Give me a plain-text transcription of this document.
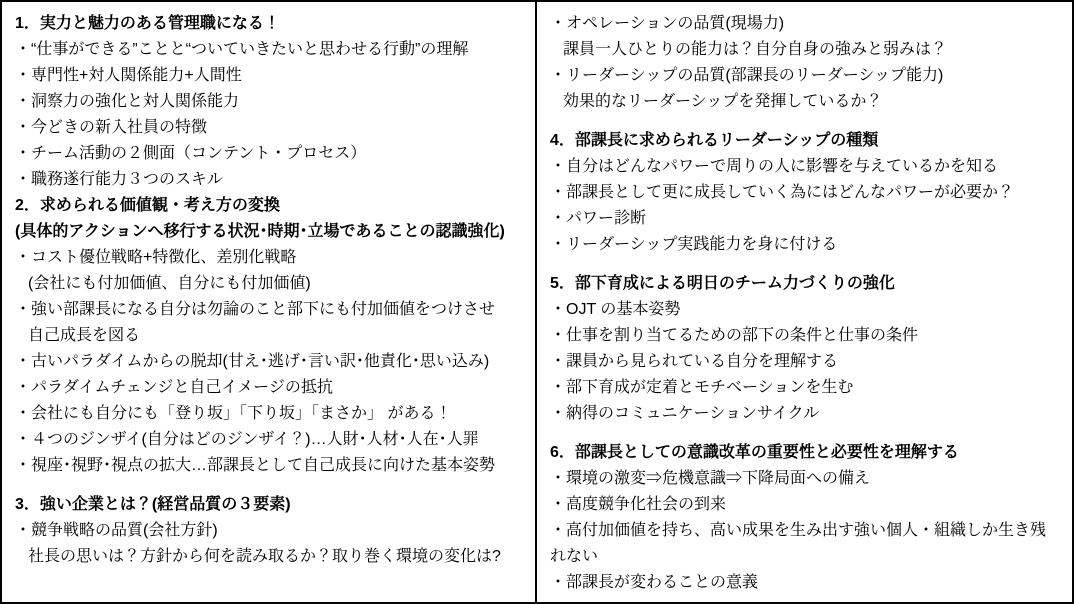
1．実力と魅力のある管理職になる！
・“仕事ができる”ことと“ついていきたいと思わせる行動”の理解
・専門性+対人関係能力+人間性
・洞察力の強化と対人関係能力
・今どきの新入社員の特徴
・チーム活動の２側面（コンテント・プロセス）
・職務遂行能力３つのスキル
2．求められる価値観・考え方の変換
(具体的アクションへ移行する状況･時期･立場であることの認識強化)
・コスト優位戦略+特徴化、差別化戦略
(会社にも付加価値、自分にも付加価値)
・強い部課長になる自分は勿論のこと部下にも付加価値をつけさせ
自己成長を図る
・古いパラダイムからの脱却(甘え･逃げ･言い訳･他責化･思い込み)
・パラダイムチェンジと自己イメージの抵抗
・会社にも自分にも「登り坂」「下り坂」「まさか」 がある！
・４つのジンザイ(自分はどのジンザイ？)…人財･人材･人在･人罪
・視座･視野･視点の拡大…部課長として自己成長に向けた基本姿勢
3．強い企業とは？(経営品質の３要素)
・競争戦略の品質(会社方針)
社長の思いは？方針から何を読み取るか？取り巻く環境の変化は?
・オペレーションの品質(現場力)
課員一人ひとりの能力は？自分自身の強みと弱みは？
・リーダーシップの品質(部課長のリーダーシップ能力)
効果的なリーダーシップを発揮しているか？
4．部課長に求められるリーダーシップの種類
・自分はどんなパワーで周りの人に影響を与えているかを知る
・部課長として更に成長していく為にはどんなパワーが必要か？
・パワー診断
・リーダーシップ実践能力を身に付ける
5．部下育成による明日のチーム力づくりの強化
・OJT の基本姿勢
・仕事を割り当てるための部下の条件と仕事の条件
・課員から見られている自分を理解する
・部下育成が定着とモチベーションを生む
・納得のコミュニケーションサイクル
6．部課長としての意識改革の重要性と必要性を理解する
・環境の激変⇒危機意識⇒下降局面への備え
・高度競争化社会の到来
・高付加価値を持ち、高い成果を生み出す強い個人・組織しか生き残れない
・部課長が変わることの意義
